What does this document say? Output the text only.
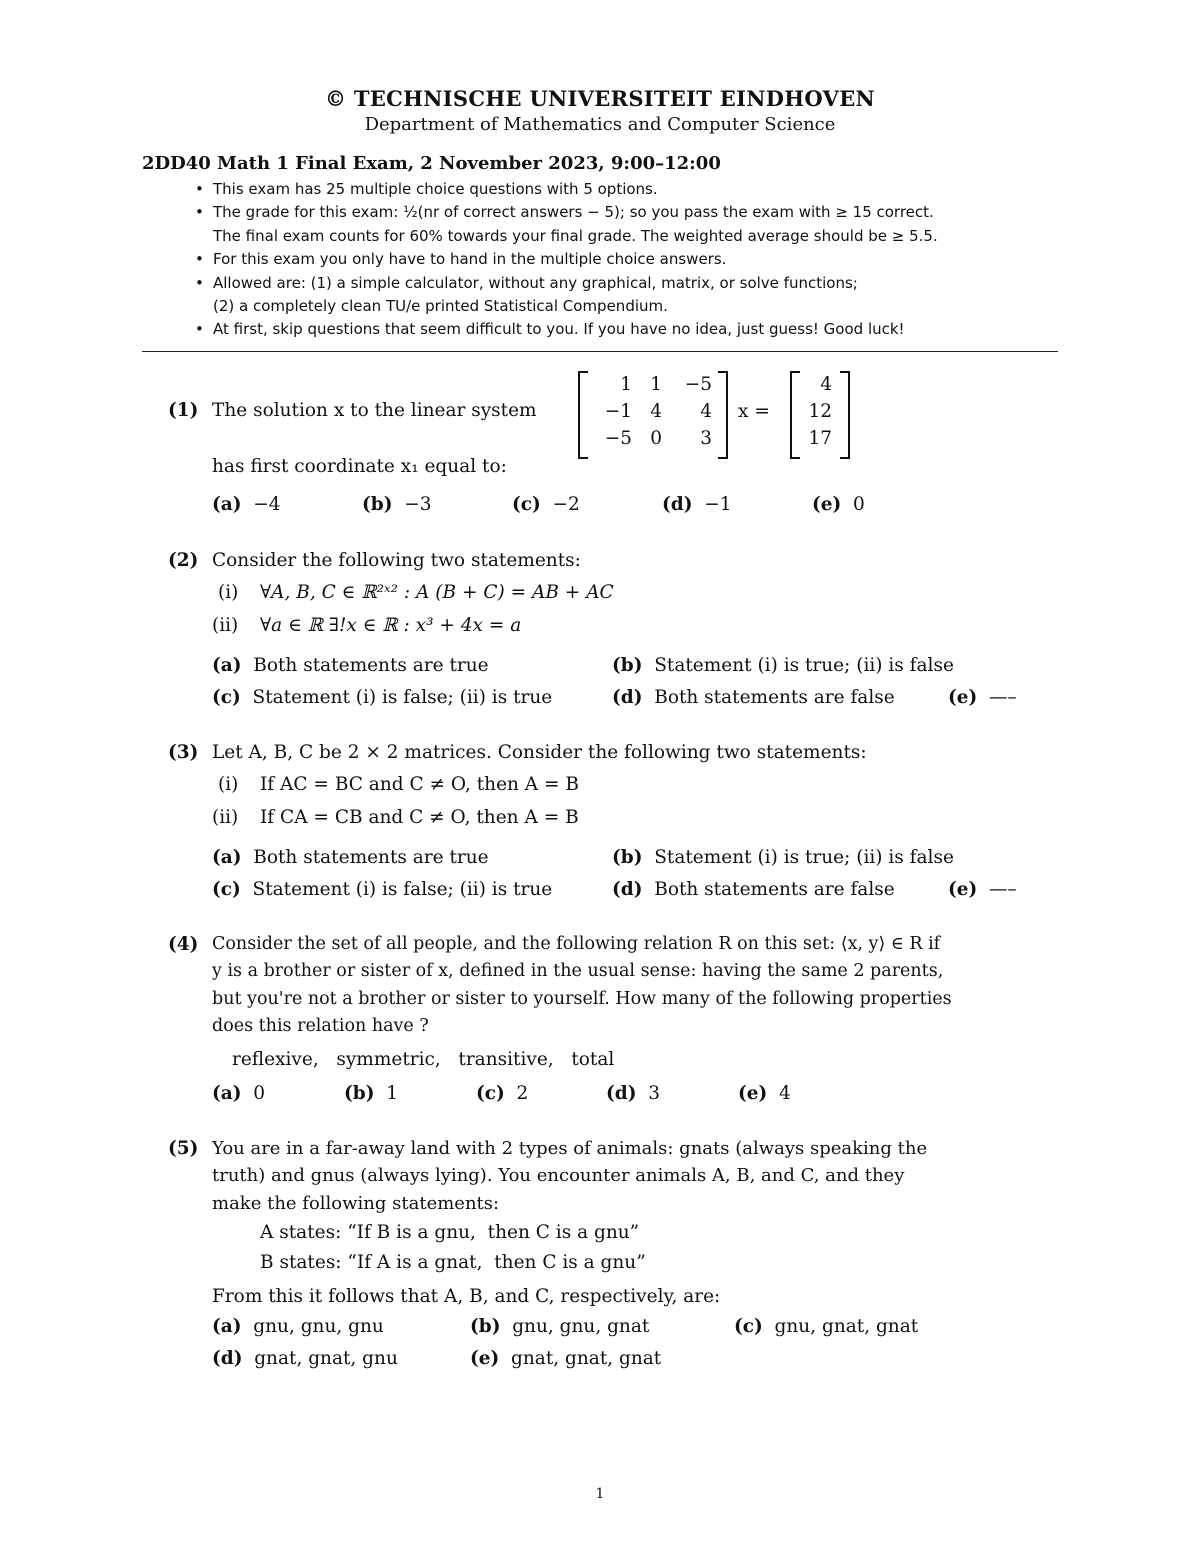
© TECHNISCHE UNIVERSITEIT EINDHOVEN
Department of Mathematics and Computer Science
2DD40 Math 1 Final Exam, 2 November 2023, 9:00–12:00
• This exam has 25 multiple choice questions with 5 options.
• The grade for this exam: ½(nr of correct answers − 5); so you pass the exam with ≥ 15 correct.
The final exam counts for 60% towards your final grade. The weighted average should be ≥ 5.5.
• For this exam you only have to hand in the multiple choice answers.
• Allowed are: (1) a simple calculator, without any graphical, matrix, or solve functions;
(2) a completely clean TU/e printed Statistical Compendium.
• At first, skip questions that seem difficult to you. If you have no idea, just guess! Good luck!
(1) The solution x to the linear system
1 1	−5
−1 4	4
−5 0	3
x =
4
12
17
has first coordinate x₁ equal to:
(a) −4	(b) −3	(c) −2	(d) −1	(e) 0
(2) Consider the following two statements:
(i) ∀A, B, C ∈ ℝ²ˣ² : A (B + C) = AB + AC
(ii) ∀a ∈ ℝ ∃!x ∈ ℝ : x³ + 4x = a
(a) Both statements are true	(b) Statement (i) is true; (ii) is false
(c) Statement (i) is false; (ii) is true	(d) Both statements are false	(e) —–
(3) Let A, B, C be 2 × 2 matrices. Consider the following two statements:
(i) If AC = BC and C ≠ O, then A = B
(ii) If CA = CB and C ≠ O, then A = B
(a) Both statements are true	(b) Statement (i) is true; (ii) is false
(c) Statement (i) is false; (ii) is true	(d) Both statements are false	(e) —–
(4) Consider the set of all people, and the following relation R on this set: ⟨x, y⟩ ∈ R if
y is a brother or sister of x, defined in the usual sense: having the same 2 parents,
but you're not a brother or sister to yourself. How many of the following properties
does this relation have ?
reflexive,   symmetric,   transitive,   total
(a) 0	(b) 1	(c) 2	(d) 3	(e) 4
(5) You are in a far-away land with 2 types of animals: gnats (always speaking the
truth) and gnus (always lying). You encounter animals A, B, and C, and they
make the following statements:
A states: “If B is a gnu,  then C is a gnu”
B states: “If A is a gnat,  then C is a gnu”
From this it follows that A, B, and C, respectively, are:
(a) gnu, gnu, gnu	(b) gnu, gnu, gnat	(c) gnu, gnat, gnat
(d) gnat, gnat, gnu	(e) gnat, gnat, gnat
1
